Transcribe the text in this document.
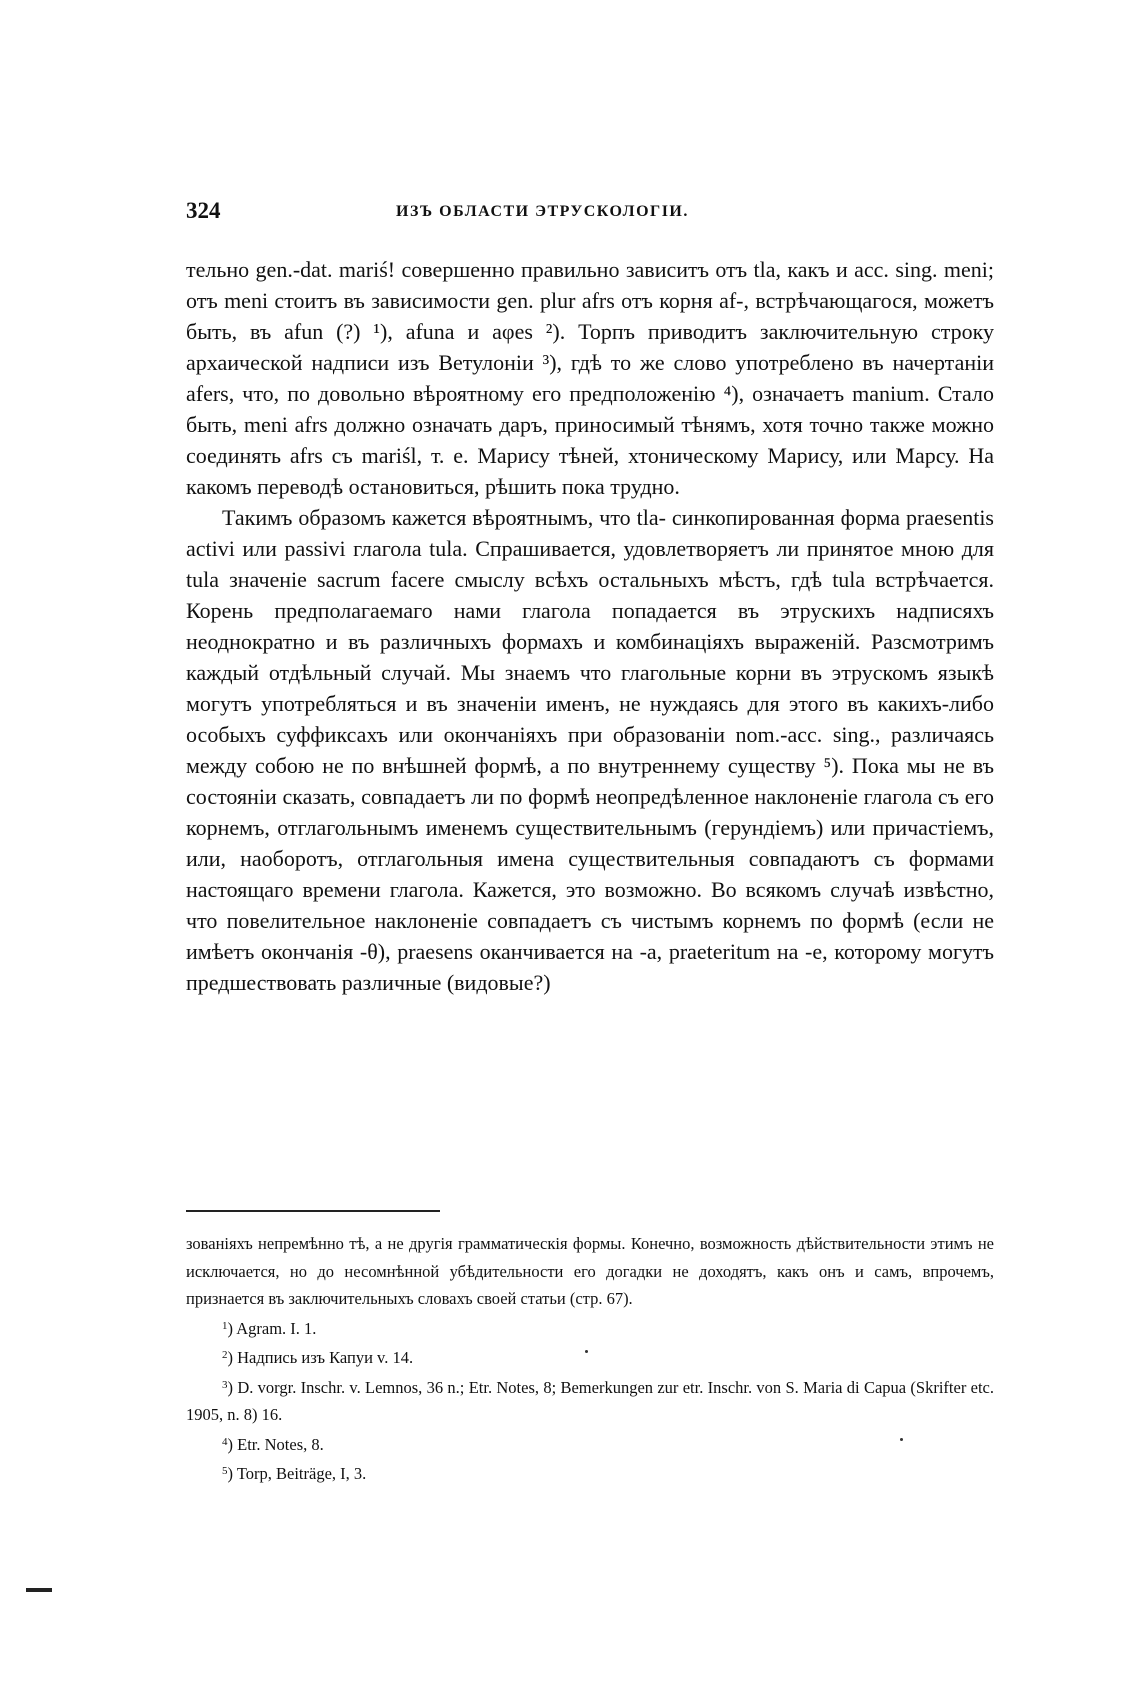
324	ИЗЪ ОБЛАСТИ ЭТРУСКОЛОГІИ.

тельно gen.-dat. mariś! совершенно правильно зависитъ отъ tla, какъ и acc. sing. meni; отъ meni стоитъ въ зависимости gen. plur afrs отъ корня af-, встрѣчающагося, можетъ быть, въ afun (?) ¹), afuna и aφes ²). Торпъ приводитъ заключительную строку архаической надписи изъ Ветулоніи ³), гдѣ то же слово употреблено въ начертаніи afers, что, по довольно вѣроятному его предположенію ⁴), означаетъ manium. Стало быть, meni afrs должно означать даръ, приносимый тѣнямъ, хотя точно также можно соединять afrs съ mariśl, т. е. Марису тѣней, хтоническому Марису, или Марсу. На какомъ переводѣ остановиться, рѣшить пока трудно.

Такимъ образомъ кажется вѣроятнымъ, что tla- синкопированная форма praesentis activi или passivi глагола tula. Спрашивается, удовлетворяетъ ли принятое мною для tula значеніе sacrum facere смыслу всѣхъ остальныхъ мѣстъ, гдѣ tula встрѣчается. Корень предполагаемаго нами глагола попадается въ этрускихъ надписяхъ неоднократно и въ различныхъ формахъ и комбинаціяхъ выраженій. Разсмотримъ каждый отдѣльный случай. Мы знаемъ что глагольные корни въ этрускомъ языкѣ могутъ употребляться и въ значеніи именъ, не нуждаясь для этого въ какихъ-либо особыхъ суффиксахъ или окончаніяхъ при образованіи nom.-acc. sing., различаясь между собою не по внѣшней формѣ, а по внутреннему существу ⁵). Пока мы не въ состояніи сказать, совпадаетъ ли по формѣ неопредѣленное наклоненіе глагола съ его корнемъ, отглагольнымъ именемъ существительнымъ (герундіемъ) или причастіемъ, или, наоборотъ, отглагольныя имена существительныя совпадаютъ съ формами настоящаго времени глагола. Кажется, это возможно. Во всякомъ случаѣ извѣстно, что повелительное наклоненіе совпадаетъ съ чистымъ корнемъ по формѣ (если не имѣетъ окончанія -θ), praesens оканчивается на -a, praeteritum на -e, которому могутъ предшествовать различные (видовые?)

зованіяхъ непремѣнно тѣ, а не другія грамматическія формы. Конечно, возможность дѣйствительности этимъ не исключается, но до несомнѣнной убѣдительности его догадки не доходятъ, какъ онъ и самъ, впрочемъ, признается въ заключительныхъ словахъ своей статьи (стр. 67).

$^1$) Agram. I. 1.

$^2$) Надпись изъ Капуи v. 14.

$^3$) D. vorgr. Inschr. v. Lemnos, 36 n.; Etr. Notes, 8; Bemerkungen zur etr. Inschr. von S. Maria di Capua (Skrifter etc. 1905, n. 8) 16.

$^4$) Etr. Notes, 8.

$^5$) Torp, Beiträge, I, 3.
